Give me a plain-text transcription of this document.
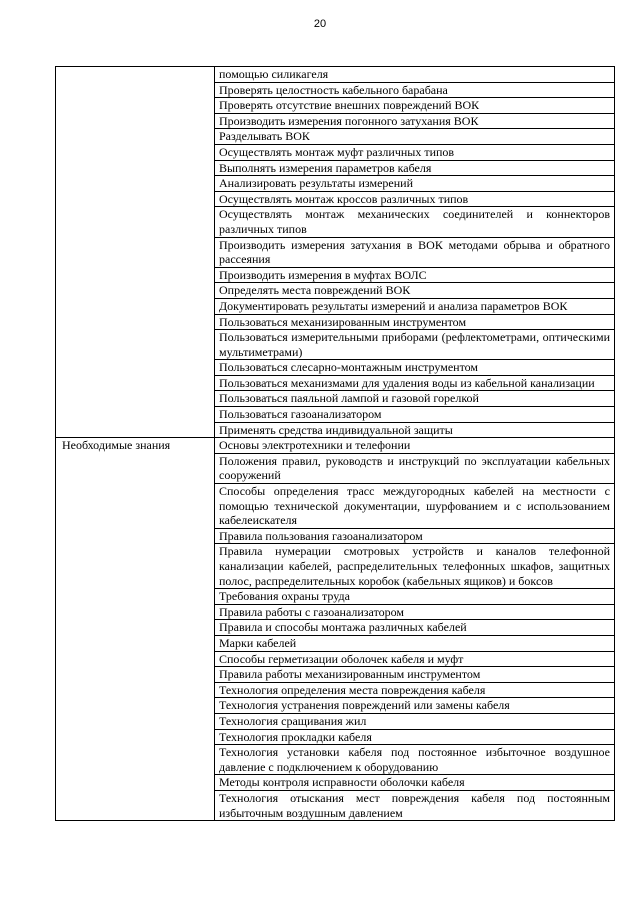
20
	помощью силикагеля
	Проверять целостность кабельного барабана
	Проверять отсутствие внешних повреждений ВОК
	Производить измерения погонного затухания ВОК
	Разделывать ВОК
	Осуществлять монтаж муфт различных типов
	Выполнять измерения параметров кабеля
	Анализировать результаты измерений
	Осуществлять монтаж кроссов различных типов
	Осуществлять монтаж механических соединителей и коннекторов различных типов
	Производить измерения затухания в ВОК методами обрыва и обратного рассеяния
	Производить измерения в муфтах ВОЛС
	Определять места повреждений ВОК
	Документировать результаты измерений и анализа параметров ВОК
	Пользоваться механизированным инструментом
	Пользоваться измерительными приборами (рефлектометрами, оптическими мультиметрами)
	Пользоваться слесарно-монтажным инструментом
	Пользоваться механизмами для удаления воды из кабельной канализации
	Пользоваться паяльной лампой и газовой горелкой
	Пользоваться газоанализатором
	Применять средства индивидуальной защиты
Необходимые знания	Основы электротехники и телефонии
	Положения правил, руководств и инструкций по эксплуатации кабельных сооружений
	Способы определения трасс междугородных кабелей на местности с помощью технической документации, шурфованием и с использованием кабелеискателя
	Правила пользования газоанализатором
	Правила нумерации смотровых устройств и каналов телефонной канализации кабелей, распределительных телефонных шкафов, защитных полос, распределительных коробок (кабельных ящиков) и боксов
	Требования охраны труда
	Правила работы с газоанализатором
	Правила и способы монтажа различных кабелей
	Марки кабелей
	Способы герметизации оболочек кабеля и муфт
	Правила работы механизированным инструментом
	Технология определения места повреждения кабеля
	Технология устранения повреждений или замены кабеля
	Технология сращивания жил
	Технология прокладки кабеля
	Технология установки кабеля под постоянное избыточное воздушное давление с подключением к оборудованию
	Методы контроля исправности оболочки кабеля
	Технология отыскания мест повреждения кабеля под постоянным избыточным воздушным давлением
